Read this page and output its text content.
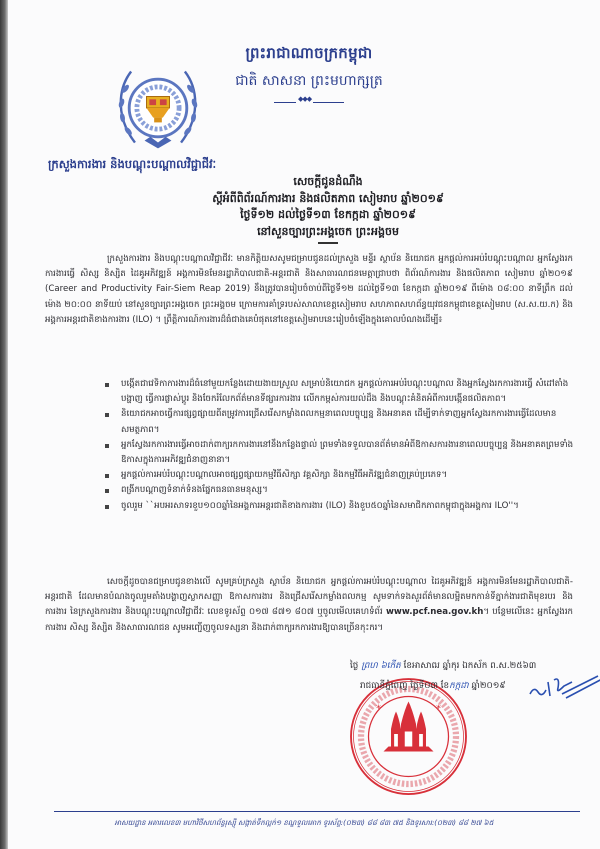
ព្រះរាជាណាចក្រកម្ពុជា
ជាតិ សាសនា ព្រះមហាក្សត្រ
◆◆◆
ក្រសួងការងារ និងបណ្តុះបណ្តាលវិជ្ជាជីវៈ
សេចក្តីជូនដំណឹង
ស្តីអំពីពិព័រណ៍ការងារ និងផលិតភាព សៀមរាប ឆ្នាំ២០១៩
ថ្ងៃទី១២ ដល់ថ្ងៃទី១៣ ខែកក្កដា ឆ្នាំ២០១៩
នៅសួនច្បារព្រះអង្គចេក ព្រះអង្គចម
ក្រសួងការងារ និងបណ្តុះបណ្តាលវិជ្ជាជីវៈ មានកិត្តិយសសូមជម្រាបជូនដល់ក្រសួង មន្ទីរ ស្ថាប័ន និយោជក អ្នកផ្តល់ការអប់រំបណ្តុះបណ្តាល អ្នកស្វែងរកការងារធ្វើ សិស្ស និស្សិត ដៃគូអភិវឌ្ឍន៍ អង្គការមិនមែនរដ្ឋាភិបាលជាតិ-អន្តរជាតិ និងសាធារណជនមេត្តាជ្រាបថា ពិព័រណ៍ការងារ និងផលិតភាព សៀមរាប ឆ្នាំ២០១៩ (Career and Productivity Fair-Siem Reap 2019) នឹងត្រូវបានរៀបចំចាប់ពីថ្ងៃទី១២ ដល់ថ្ងៃទី១៣ ខែកក្កដា ឆ្នាំ២០១៩ ពីម៉ោង ០៨:០០ នាទីព្រឹក ដល់ម៉ោង ២០:០០ នាទីយប់ នៅសួនច្បារព្រះអង្គចេក ព្រះអង្គចម ក្រោមការគាំទ្ររបស់សាលាខេត្តសៀមរាប សហភាពសហព័ន្ធយុវជនកម្ពុជាខេត្តសៀមរាប (ស.ស.យ.ក) និងអង្គការអន្តរជាតិខាងការងារ (ILO) ។ ព្រឹត្តិការណ៍ការងារដ៏ធំជាងគេបំផុតនៅខេត្តសៀមរាបនេះរៀបចំឡើងក្នុងគោលបំណងដើម្បី៖
បង្កើតជាវេទិកាការងារដ៏ធំនៅមួយកន្លែងដោយងាយស្រួល សម្រាប់និយោជក អ្នកផ្តល់ការអប់រំបណ្តុះបណ្តាល និងអ្នកស្វែងរកការងារធ្វើ សំដៅតាំងបង្ហាញ ធ្វើការផ្លាស់ប្តូរ និងចែករំលែកព័ត៌មានទីផ្សារការងារ លើកកម្ពស់ការយល់ដឹង និងបណ្តុះគំនិតអំពីការបង្កើនផលិតភាព។
និយោជកអាចធ្វើការផ្សព្វផ្សាយពីតម្រូវការជ្រើសរើសកម្លាំងពលកម្មនាពេលបច្ចុប្បន្ន និងអនាគត ដើម្បីទាក់ទាញអ្នកស្វែងរកការងារធ្វើដែលមានសមត្ថភាព។
អ្នកស្វែងរកការងារធ្វើអាចដាក់ពាក្យរកការងារនៅនឹងកន្លែងផ្ទាល់ ព្រមទាំងទទួលបានព័ត៌មានអំពីឱកាសការងារនាពេលបច្ចុប្បន្ន និងអនាគតព្រមទាំងឱកាសក្នុងការអភិវឌ្ឍជំនាញនានា។
អ្នកផ្តល់ការអប់រំបណ្តុះបណ្តាលអាចផ្សព្វផ្សាយកម្មវិធីសិក្សា វគ្គសិក្សា និងកម្មវិធីអភិវឌ្ឍជំនាញគ្រប់ប្រភេទ។
ពង្រីកបណ្តាញទំនាក់ទំនងផ្នែកធនធានមនុស្ស។
ចូលរួម ``អបអរសាទរខួប១០០ឆ្នាំនៃអង្គការអន្តរជាតិខាងការងារ (ILO) និងខួប៥០ឆ្នាំនៃសមាជិកភាពកម្ពុជាក្នុងអង្គការ ILO''។
សេចក្តីដូចបានជម្រាបជូនខាងលើ សូមគ្រប់ក្រសួង ស្ថាប័ន និយោជក អ្នកផ្តល់ការអប់រំបណ្តុះបណ្តាល ដៃគូអភិវឌ្ឍន៍ អង្គការមិនមែនរដ្ឋាភិបាលជាតិ-អន្តរជាតិ ដែលមានបំណងចូលរួមតាំងបង្ហាញស្លាកសញ្ញា ឱកាសការងារ និងជ្រើសរើសកម្លាំងពលកម្ម សូមទាក់ទងសួរព័ត៌មានលម្អិតមកកាន់ទីភ្នាក់ងារជាតិមុខរបរ និងការងារ នៃក្រសួងការងារ និងបណ្តុះបណ្តាលវិជ្ជាជីវៈ លេខទូរស័ព្ទ ០១៧ ៨៧១ ៨០៧ ឬចូលមើលគេហទំព័រ www.pcf.nea.gov.kh។ បន្ថែមលើនេះ អ្នកស្វែងរកការងារ សិស្ស និស្សិត និងសាធារណជន សូមអញ្ជើញចូលទស្សនា និងដាក់ពាក្យរកការងារឱ្យបានច្រើនកុះករ។
*	*
ថ្ងៃ ព្រហ ៦កើត ខែអាសាឍ ឆ្នាំកុរ ឯកស័ក ព.ស.២៥៦៣
រាជធានីភ្នំពេញ ថ្ងៃទី០៣ ខែកក្កដា ឆ្នាំ២០១៩
អាសយដ្ឋាន អគារលេខ៣ មហាវិថីសហព័ន្ធរុស្ស៊ី សង្កាត់ទឹកល្អក់១ ខណ្ឌទួលគោក ទូរស័ព្ទ:(០២៣) ៨៨ ៨៣ ៧៥ និងទូរសារ:(០២៣) ៨៨ ២៧ ៦៥
